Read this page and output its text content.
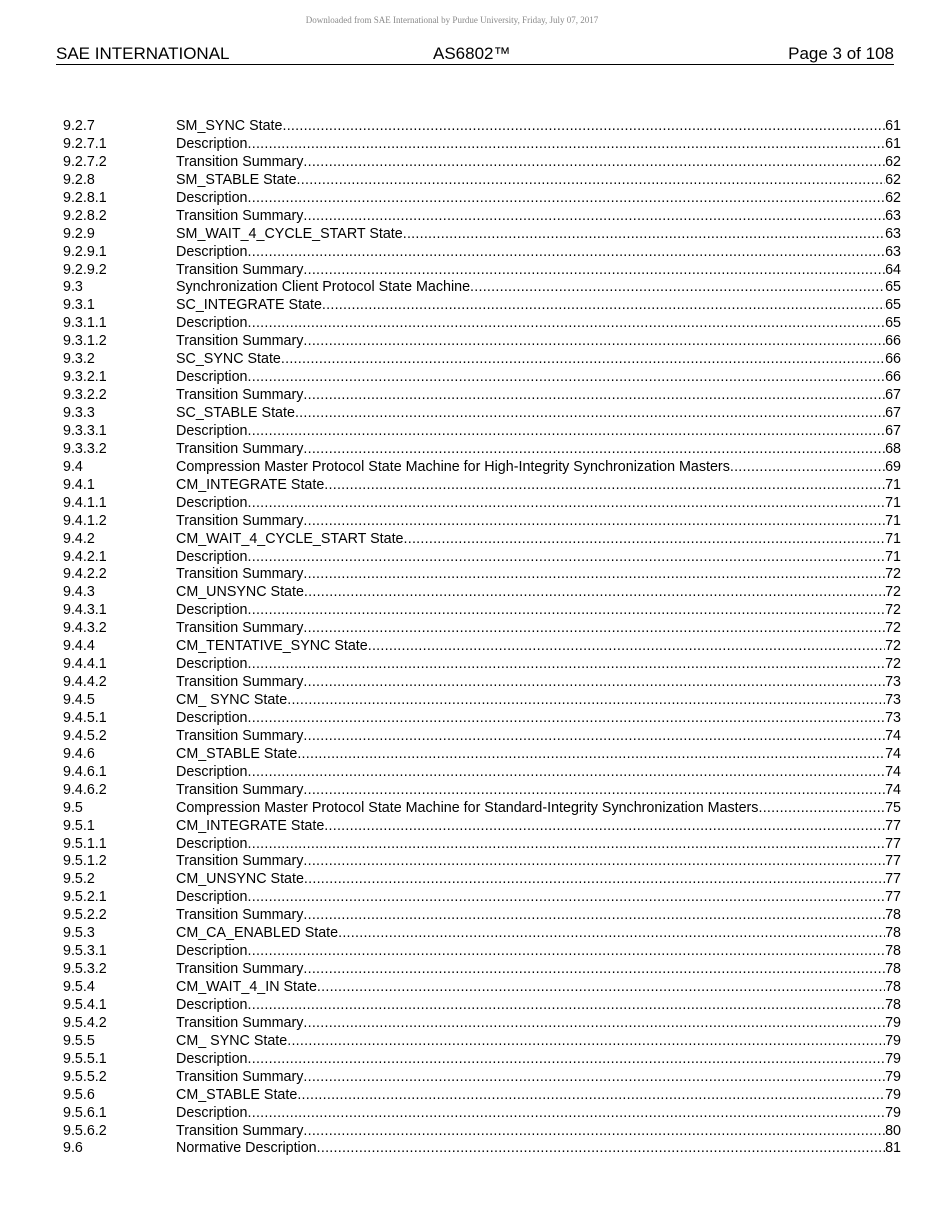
Downloaded from SAE International by Purdue University, Friday, July 07, 2017
SAE INTERNATIONAL	AS6802™	Page 3 of 108
9.2.7	SM_SYNC State .....	61
9.2.7.1	Description .....	61
9.2.7.2	Transition Summary .....	62
9.2.8	SM_STABLE State .....	62
9.2.8.1	Description .....	62
9.2.8.2	Transition Summary .....	63
9.2.9	SM_WAIT_4_CYCLE_START State .....	63
9.2.9.1	Description .....	63
9.2.9.2	Transition Summary .....	64
9.3	Synchronization Client Protocol State Machine .....	65
9.3.1	SC_INTEGRATE State .....	65
9.3.1.1	Description .....	65
9.3.1.2	Transition Summary .....	66
9.3.2	SC_SYNC State .....	66
9.3.2.1	Description .....	66
9.3.2.2	Transition Summary .....	67
9.3.3	SC_STABLE State .....	67
9.3.3.1	Description .....	67
9.3.3.2	Transition Summary .....	68
9.4	Compression Master Protocol State Machine for High-Integrity Synchronization Masters .....	69
9.4.1	CM_INTEGRATE State .....	71
9.4.1.1	Description .....	71
9.4.1.2	Transition Summary .....	71
9.4.2	CM_WAIT_4_CYCLE_START State .....	71
9.4.2.1	Description .....	71
9.4.2.2	Transition Summary .....	72
9.4.3	CM_UNSYNC State .....	72
9.4.3.1	Description .....	72
9.4.3.2	Transition Summary .....	72
9.4.4	CM_TENTATIVE_SYNC State .....	72
9.4.4.1	Description .....	72
9.4.4.2	Transition Summary .....	73
9.4.5	CM_ SYNC State .....	73
9.4.5.1	Description .....	73
9.4.5.2	Transition Summary .....	74
9.4.6	CM_STABLE State .....	74
9.4.6.1	Description .....	74
9.4.6.2	Transition Summary .....	74
9.5	Compression Master Protocol State Machine for Standard-Integrity Synchronization Masters .....	75
9.5.1	CM_INTEGRATE State .....	77
9.5.1.1	Description .....	77
9.5.1.2	Transition Summary .....	77
9.5.2	CM_UNSYNC State .....	77
9.5.2.1	Description .....	77
9.5.2.2	Transition Summary .....	78
9.5.3	CM_CA_ENABLED State .....	78
9.5.3.1	Description .....	78
9.5.3.2	Transition Summary .....	78
9.5.4	CM_WAIT_4_IN State .....	78
9.5.4.1	Description .....	78
9.5.4.2	Transition Summary .....	79
9.5.5	CM_ SYNC State .....	79
9.5.5.1	Description .....	79
9.5.5.2	Transition Summary .....	79
9.5.6	CM_STABLE State .....	79
9.5.6.1	Description .....	79
9.5.6.2	Transition Summary .....	80
9.6	Normative Description .....	81
